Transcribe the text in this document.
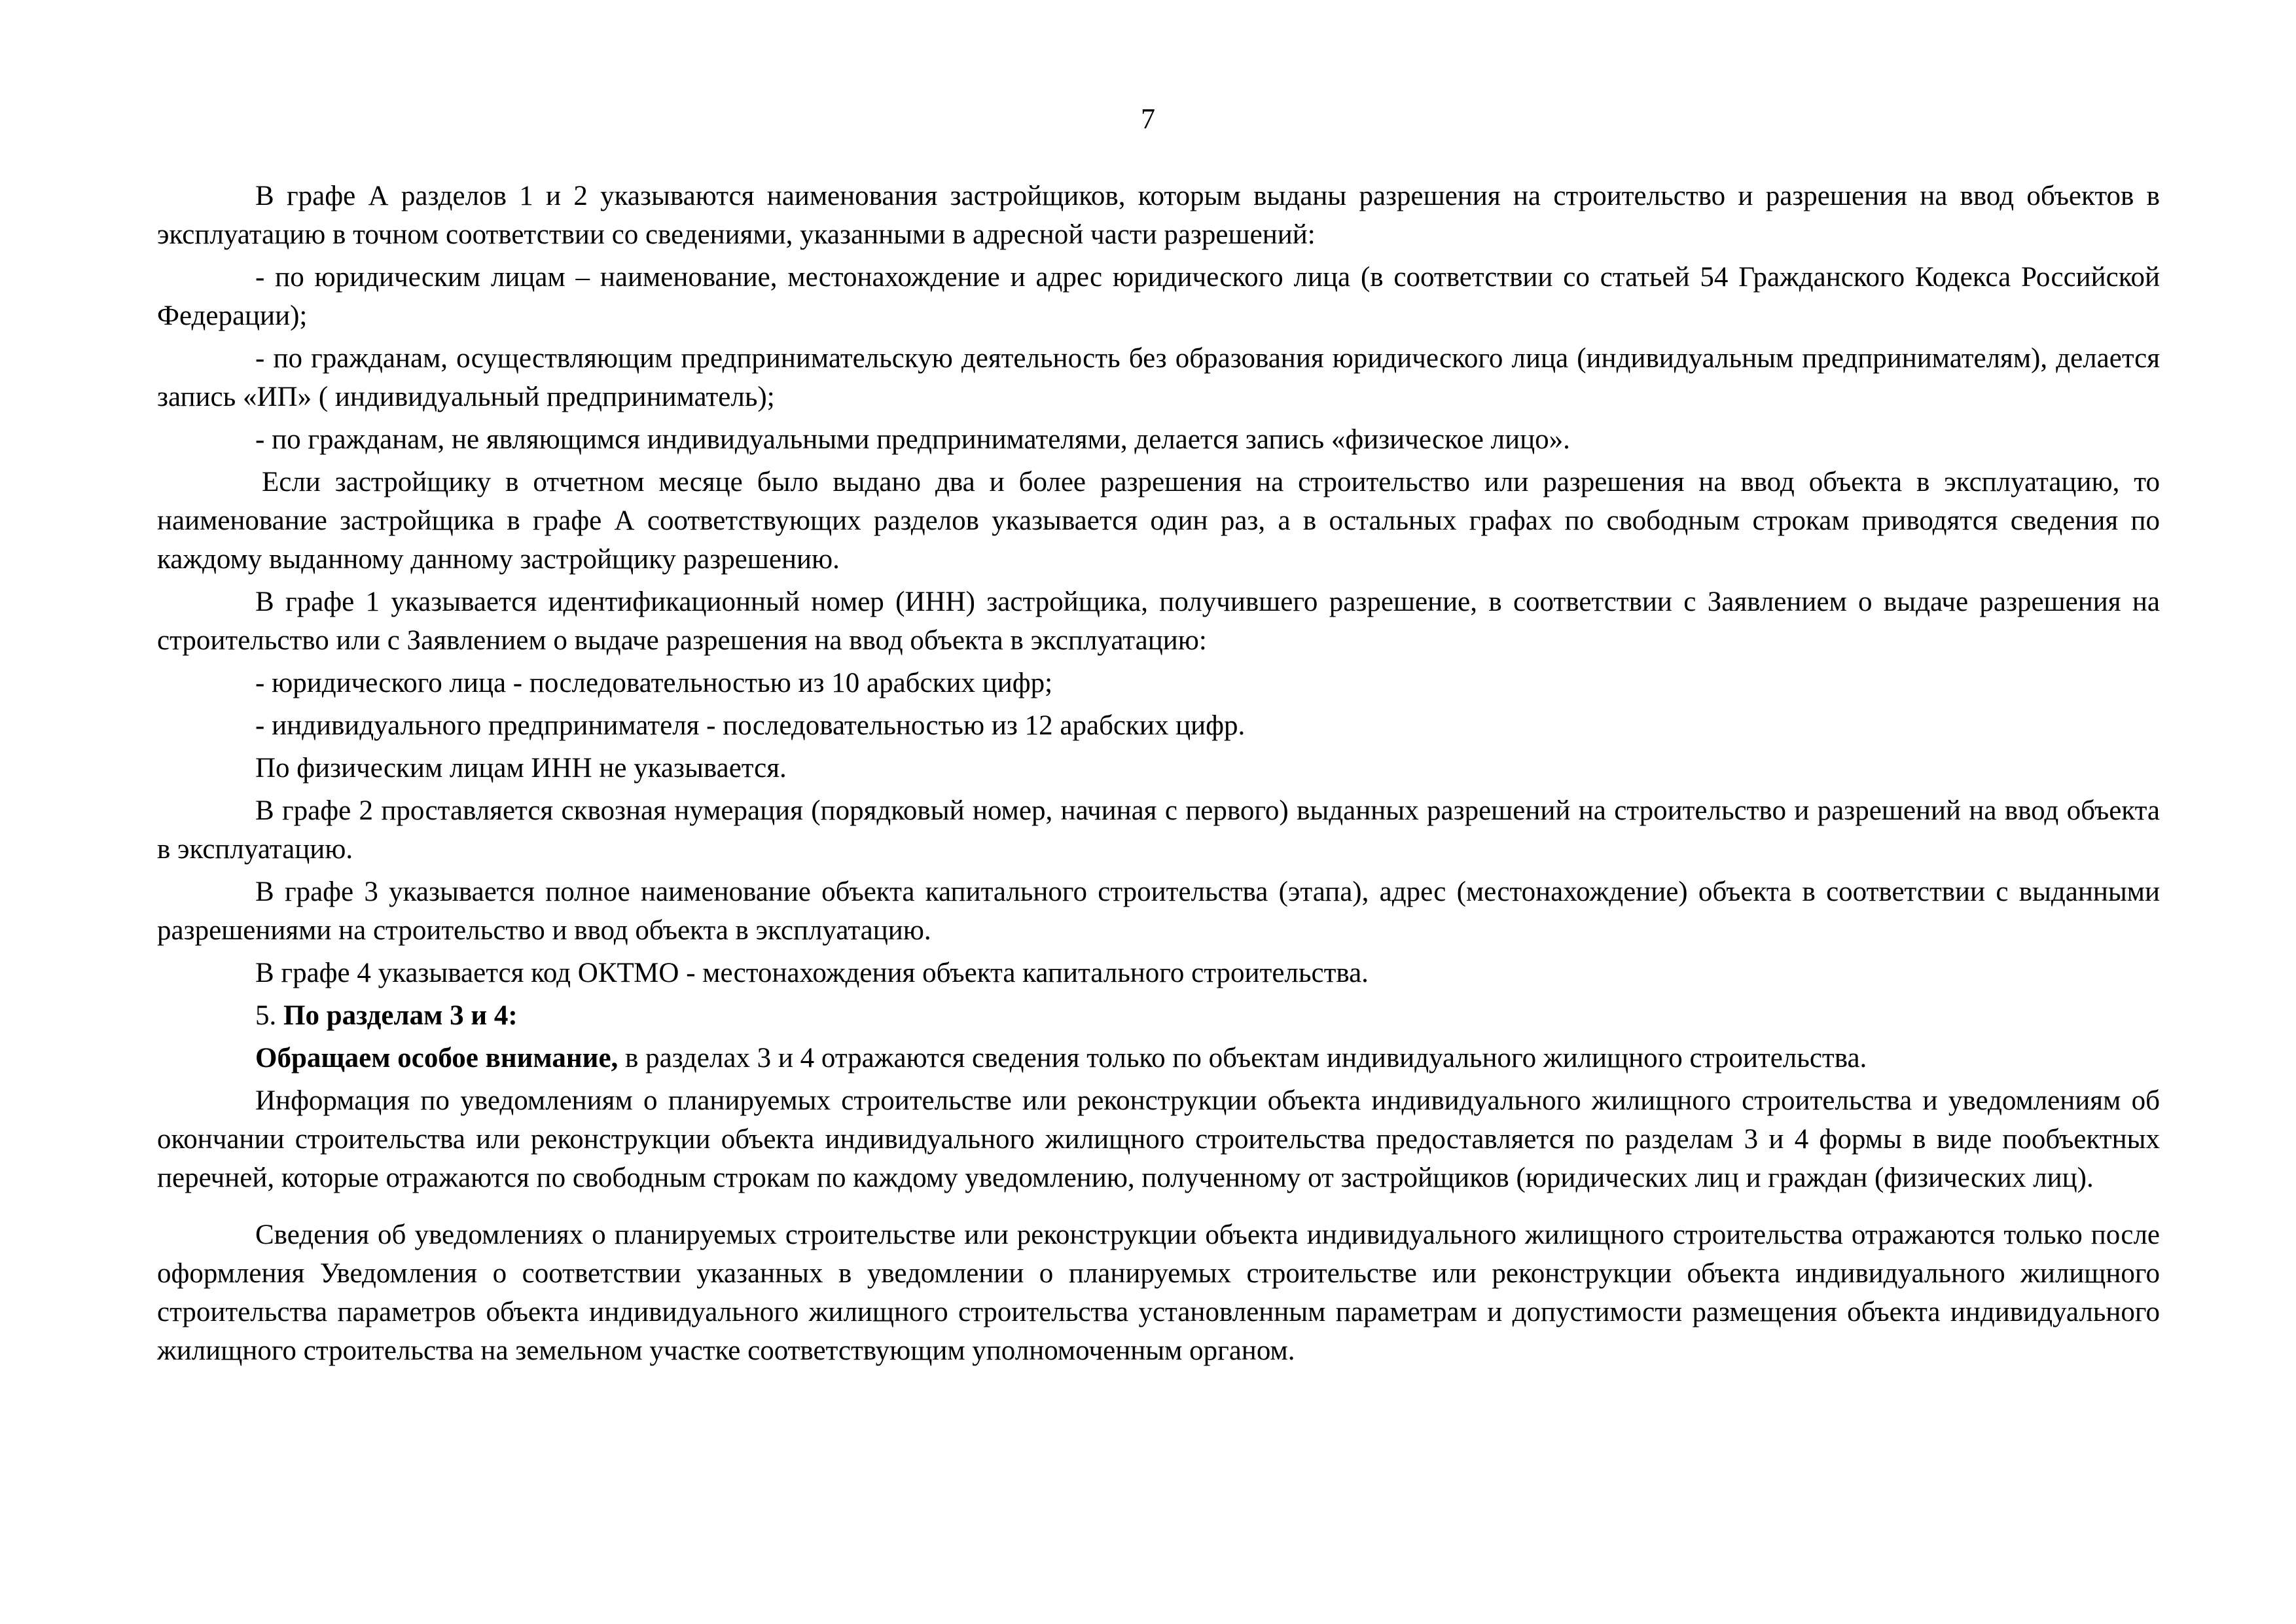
7

В графе А разделов 1 и 2 указываются наименования застройщиков, которым выданы разрешения на строительство и разрешения на ввод объектов в эксплуатацию в точном соответствии со сведениями, указанными в адресной части разрешений:

- по юридическим лицам – наименование, местонахождение и адрес юридического лица (в соответствии со статьей 54 Гражданского Кодекса Российской Федерации);

- по гражданам, осуществляющим предпринимательскую деятельность без образования юридического лица (индивидуальным предпринимателям), делается запись «ИП» ( индивидуальный предприниматель);

- по гражданам, не являющимся индивидуальными предпринимателями, делается запись «физическое лицо».

Если застройщику в отчетном месяце было выдано два и более разрешения на строительство или разрешения на ввод объекта в эксплуатацию, то наименование застройщика в графе А соответствующих разделов указывается один раз, а в остальных графах по свободным строкам приводятся сведения по каждому выданному данному застройщику разрешению.

В графе 1 указывается идентификационный номер (ИНН) застройщика, получившего разрешение, в соответствии с Заявлением о выдаче разрешения на строительство или с Заявлением о выдаче разрешения на ввод объекта в эксплуатацию:

- юридического лица - последовательностью из 10 арабских цифр;

- индивидуального предпринимателя - последовательностью из 12 арабских цифр.

По физическим лицам ИНН не указывается.

В графе 2 проставляется сквозная нумерация (порядковый номер, начиная с первого) выданных разрешений на строительство и разрешений на ввод объекта в эксплуатацию.

В графе 3 указывается полное наименование объекта капитального строительства (этапа), адрес (местонахождение) объекта в соответствии с выданными разрешениями на строительство и ввод объекта в эксплуатацию.

В графе 4 указывается код ОКТМО - местонахождения объекта капитального строительства.

5. По разделам 3 и 4:

Обращаем особое внимание, в разделах 3 и 4 отражаются сведения только по объектам индивидуального жилищного строительства.

Информация по уведомлениям о планируемых строительстве или реконструкции объекта индивидуального жилищного строительства и уведомлениям об окончании строительства или реконструкции объекта индивидуального жилищного строительства предоставляется по разделам 3 и 4 формы в виде пообъектных перечней, которые отражаются по свободным строкам по каждому уведомлению, полученному от застройщиков (юридических лиц и граждан (физических лиц).

Сведения об уведомлениях о планируемых строительстве или реконструкции объекта индивидуального жилищного строительства отражаются только после оформления Уведомления о соответствии указанных в уведомлении о планируемых строительстве или реконструкции объекта индивидуального жилищного строительства параметров объекта индивидуального жилищного строительства установленным параметрам и допустимости размещения объекта индивидуального жилищного строительства на земельном участке соответствующим уполномоченным органом.
